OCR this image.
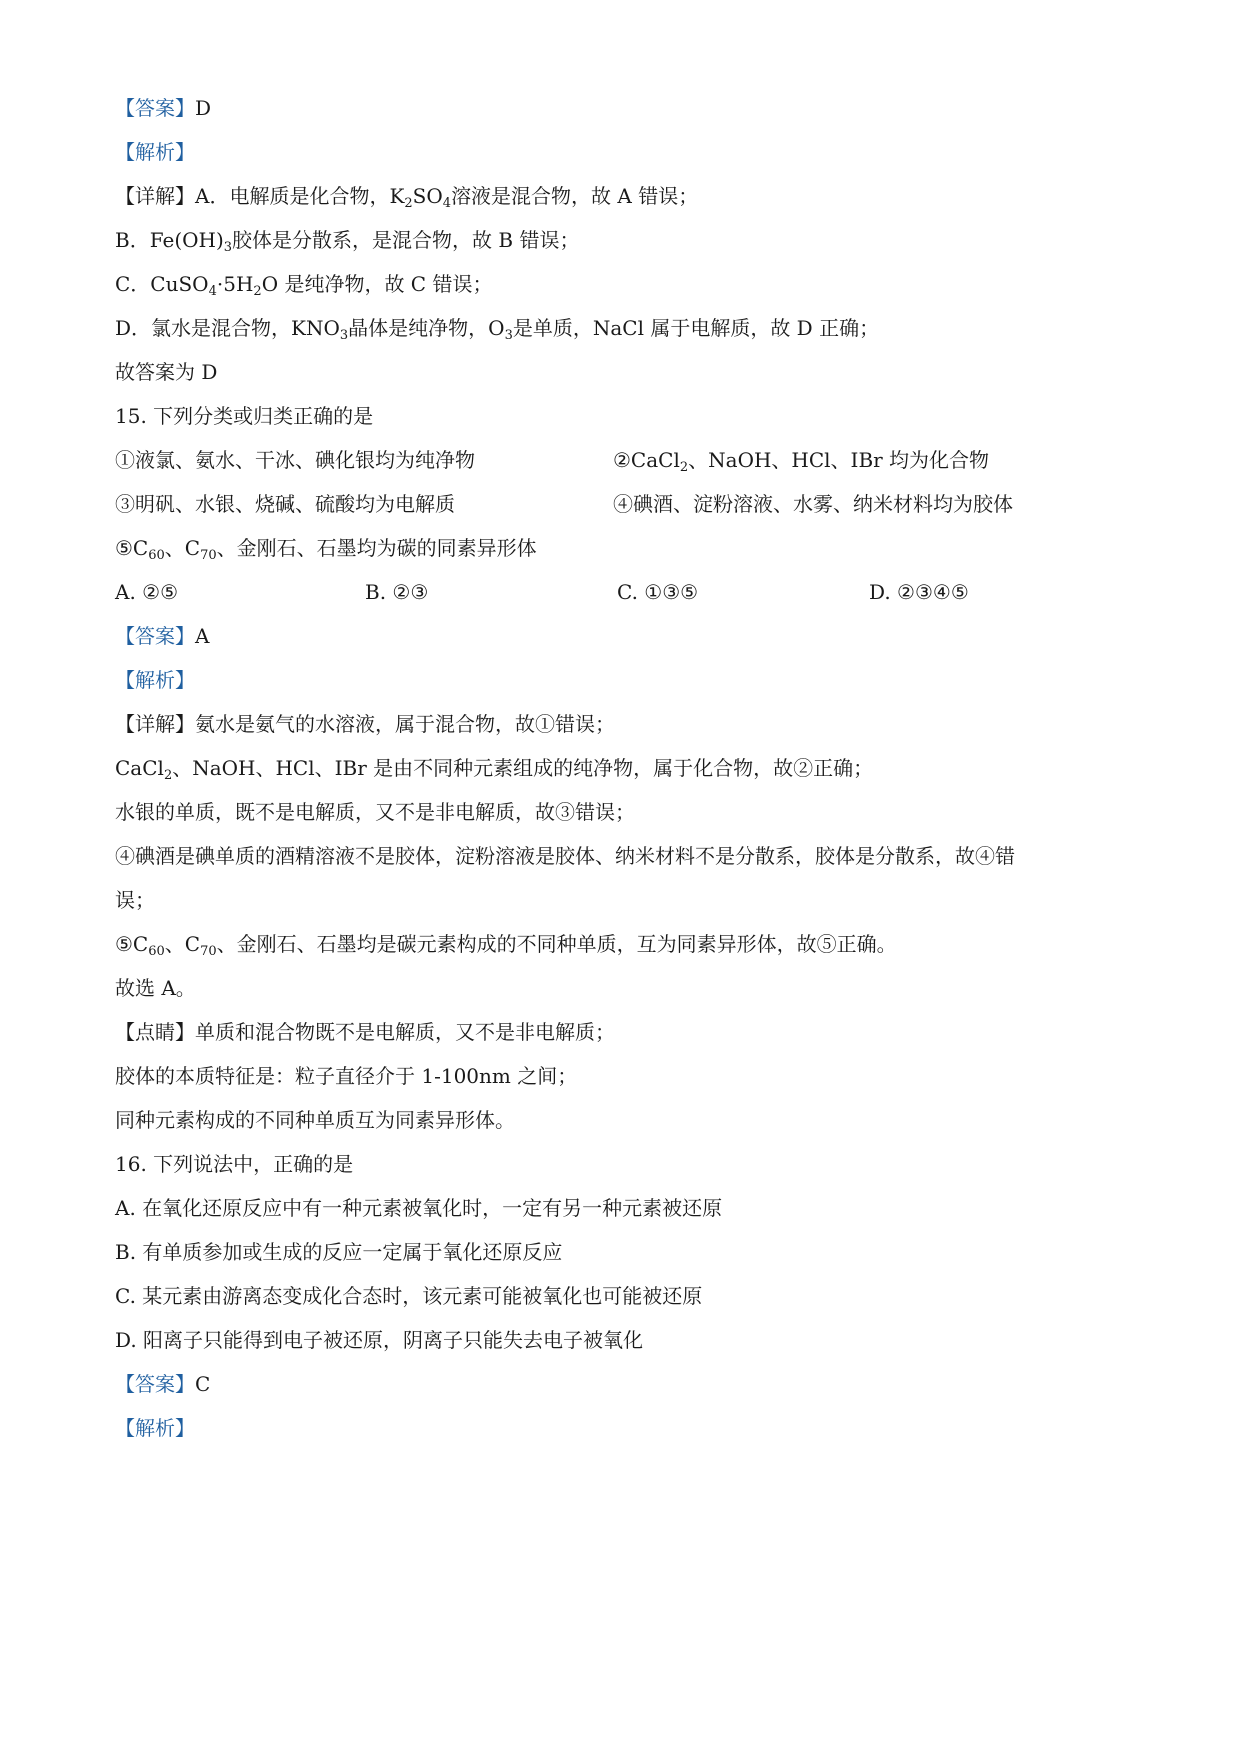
【答案】D
【解析】
【详解】A．电解质是化合物，$K_2SO_4$溶液是混合物，故 A 错误；
B．$Fe(OH)_3$胶体是分散系，是混合物，故 B 错误；
C．$CuSO_4\cdot 5H_2O$ 是纯净物，故 C 错误；
D．氯水是混合物，$KNO_3$晶体是纯净物，$O_3$是单质，NaCl 属于电解质，故 D 正确；
故答案为 D
15. 下列分类或归类正确的是
①液氯、氨水、干冰、碘化银均为纯净物	②CaCl$_2$、NaOH、HCl、IBr 均为化合物
③明矾、水银、烧碱、硫酸均为电解质	④碘酒、淀粉溶液、水雾、纳米材料均为胶体
$⑤C_{60}$、$C_{70}$、金刚石、石墨均为碳的同素异形体
A. ②⑤	B. ②③	C. ①③⑤	D. ②③④⑤
【答案】A
【解析】
【详解】氨水是氨气的水溶液，属于混合物，故①错误；
CaCl$_2$、NaOH、HCl、IBr 是由不同种元素组成的纯净物，属于化合物，故②正确；
水银的单质，既不是电解质，又不是非电解质，故③错误；
④碘酒是碘单质的酒精溶液不是胶体，淀粉溶液是胶体、纳米材料不是分散系，胶体是分散系，故④错
误；
$⑤C_{60}$、$C_{70}$、金刚石、石墨均是碳元素构成的不同种单质，互为同素异形体，故⑤正确。
故选 A。
【点睛】单质和混合物既不是电解质，又不是非电解质；
胶体的本质特征是：粒子直径介于 1-100nm 之间；
同种元素构成的不同种单质互为同素异形体。
16. 下列说法中，正确的是
A. 在氧化还原反应中有一种元素被氧化时，一定有另一种元素被还原
B. 有单质参加或生成的反应一定属于氧化还原反应
C. 某元素由游离态变成化合态时，该元素可能被氧化也可能被还原
D. 阳离子只能得到电子被还原，阴离子只能失去电子被氧化
【答案】C
【解析】
